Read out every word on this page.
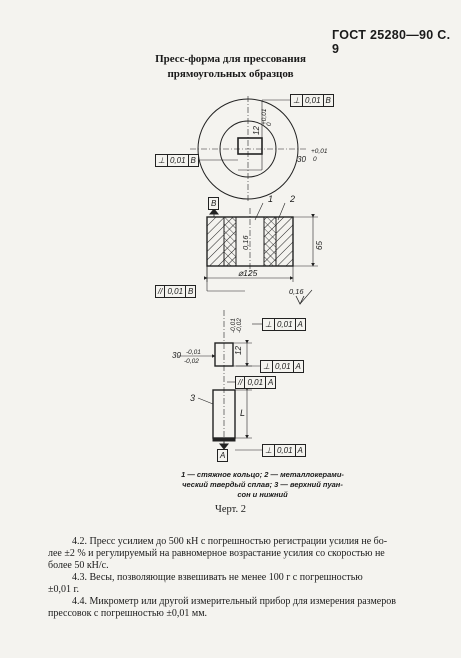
ГОСТ 25280—90 С. 9
Пресс-форма для прессования
прямоугольных образцов
12
+0,01
0
30
+0,01
0
0,16	65
⌀125
0,16
12
-0,01 -0,02
30 -0,01
-0,02
L
1 2
3
B
A
⊥ 0,01 B
⊥ 0,01 B
// 0,01 B
⊥ 0,01 A
⊥ 0,01 A
// 0,01 A
⊥ 0,01 A
1 — стяжное кольцо; 2 — металлокерами-
ческий твердый сплав; 3 — верхний пуан-
сон и нижний
Черт. 2
4.2. Пресс усилием до 500 кН с погрешностью регистрации усилия не бо-
лее ±2 % и регулируемый на равномерное возрастание усилия со скоростью не
более 50 кН/с.
4.3. Весы, позволяющие взвешивать не менее 100 г с погрешностью
±0,01 г.
4.4. Микрометр или другой измерительный прибор для измерения размеров
прессовок с погрешностью ±0,01 мм.
